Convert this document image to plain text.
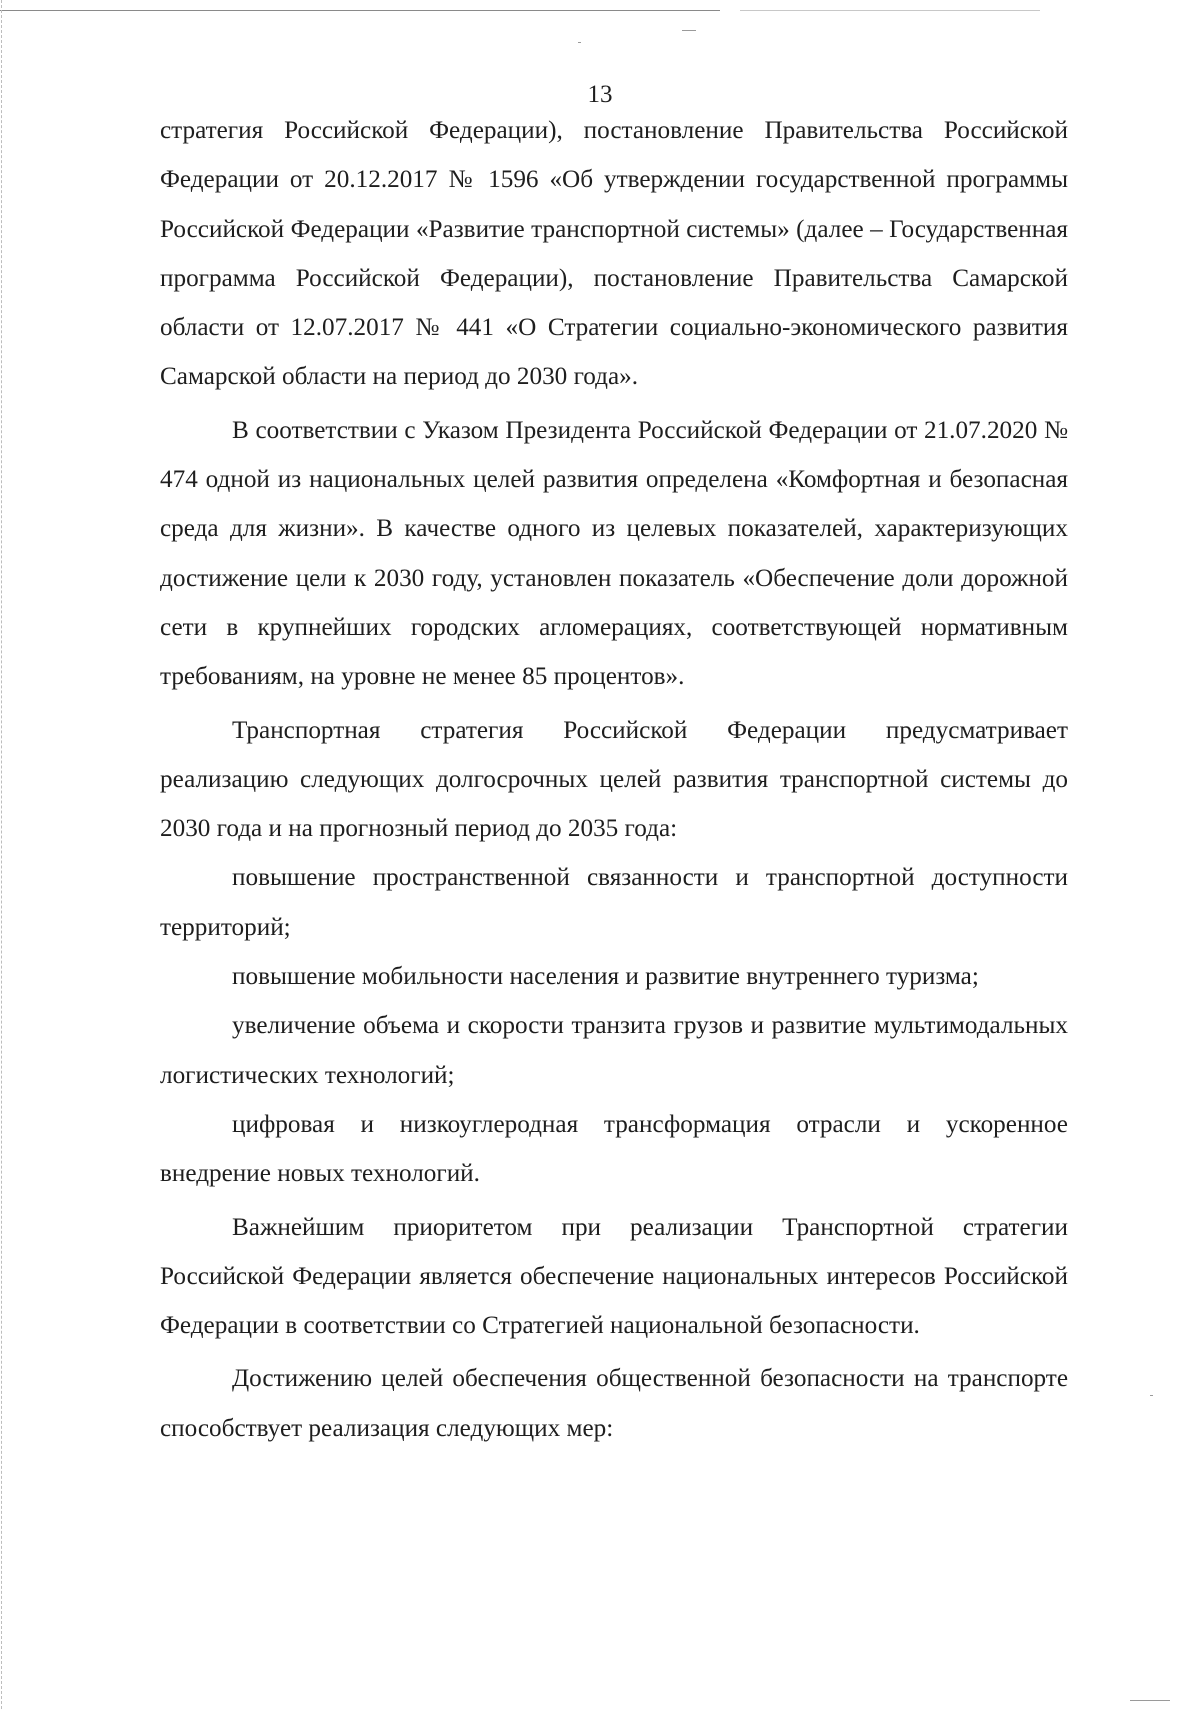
13

стратегия Российской Федерации), постановление Правительства Российской Федерации от 20.12.2017 № 1596 «Об утверждении государственной программы Российской Федерации «Развитие транспортной системы» (далее – Государственная программа Российской Федерации), постановление Правительства Самарской области от 12.07.2017 № 441 «О Стратегии социально-экономического развития Самарской области на период до 2030 года».

В соответствии с Указом Президента Российской Федерации от 21.07.2020 № 474 одной из национальных целей развития определена «Комфортная и безопасная среда для жизни». В качестве одного из целевых показателей, характеризующих достижение цели к 2030 году, установлен показатель «Обеспечение доли дорожной сети в крупнейших городских агломерациях, соответствующей нормативным требованиям, на уровне не менее 85 процентов».

Транспортная стратегия Российской Федерации предусматривает реализацию следующих долгосрочных целей развития транспортной системы до 2030 года и на прогнозный период до 2035 года:

повышение пространственной связанности и транспортной доступности территорий;

повышение мобильности населения и развитие внутреннего туризма;

увеличение объема и скорости транзита грузов и развитие мультимодальных логистических технологий;

цифровая и низкоуглеродная трансформация отрасли и ускоренное внедрение новых технологий.

Важнейшим приоритетом при реализации Транспортной стратегии Российской Федерации является обеспечение национальных интересов Российской Федерации в соответствии со Стратегией национальной безопасности.

Достижению целей обеспечения общественной безопасности на транспорте способствует реализация следующих мер:
